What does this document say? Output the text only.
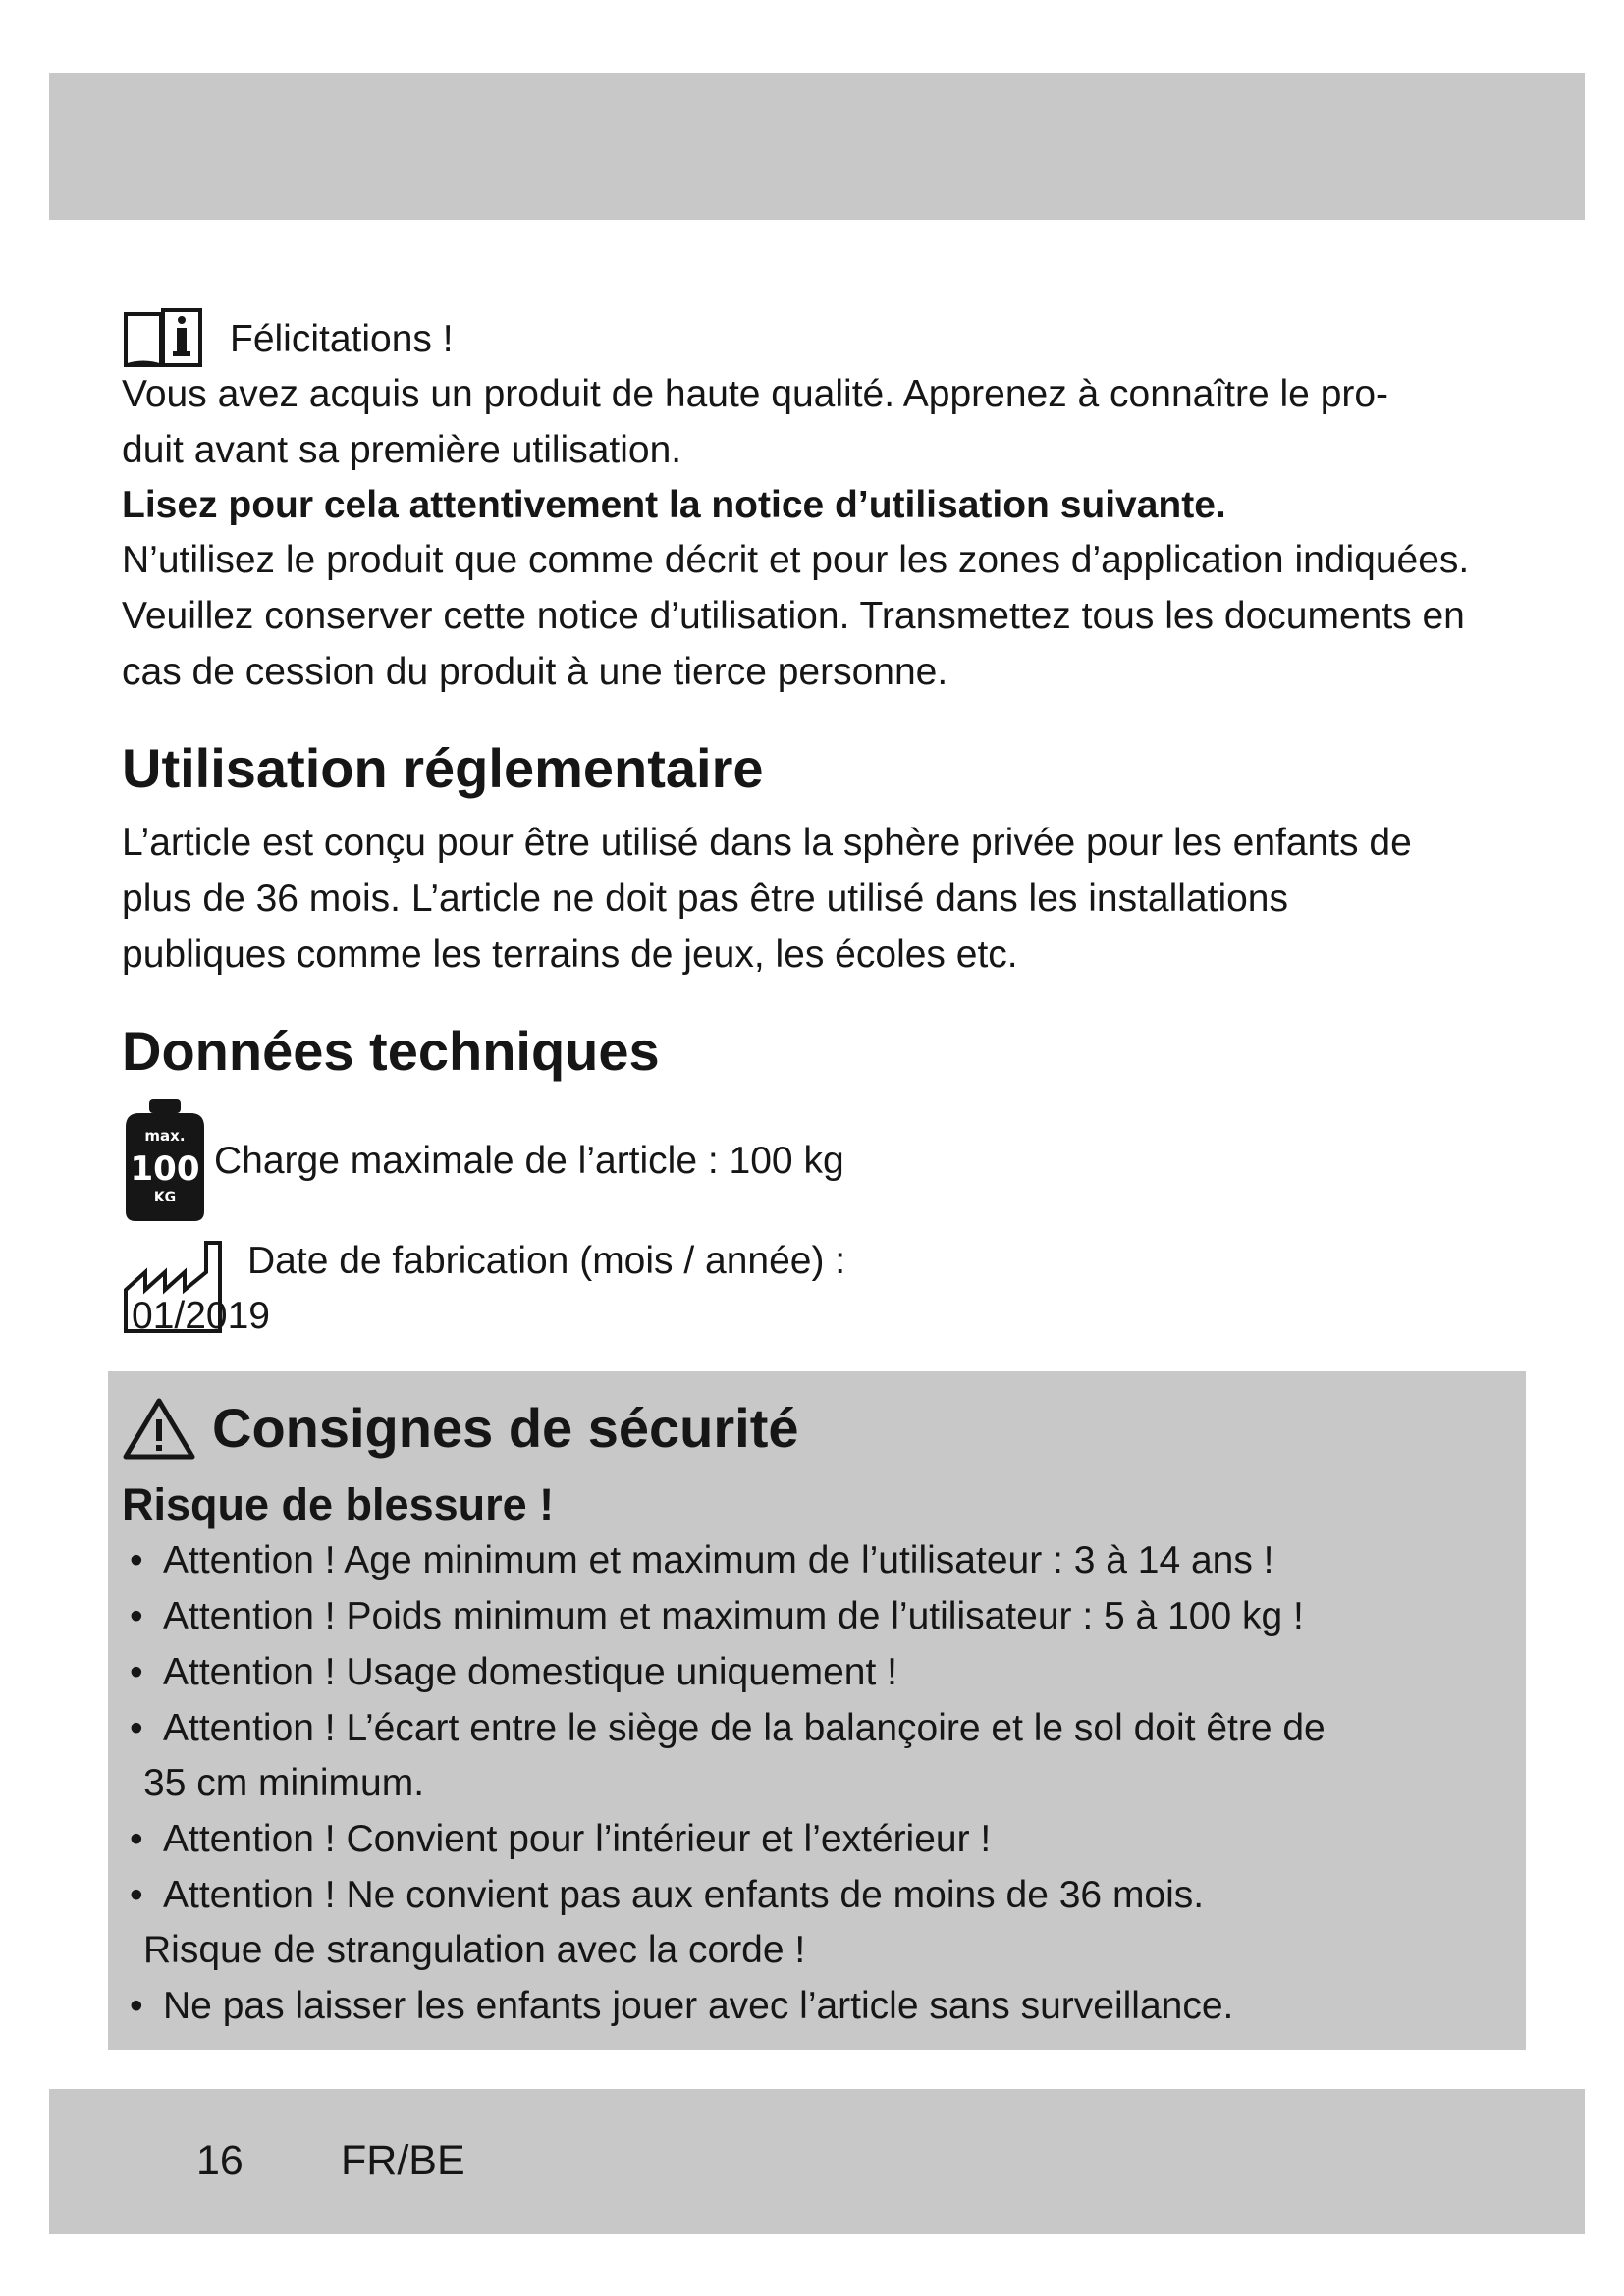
Félicitations !

Vous avez acquis un produit de haute qualité. Apprenez à connaître le pro-
duit avant sa première utilisation.

Lisez pour cela attentivement la notice d’utilisation suivante.

N’utilisez le produit que comme décrit et pour les zones d’application indiquées. Veuillez conserver cette notice d’utilisation. Transmettez tous les documents en cas de cession du produit à une tierce personne.

Utilisation réglementaire

L’article est conçu pour être utilisé dans la sphère privée pour les enfants de plus de 36 mois. L’article ne doit pas être utilisé dans les installations publiques comme les terrains de jeux, les écoles etc.

Données techniques
max.
100
KG
Charge maximale de l’article : 100 kg
Date de fabrication (mois / année) :
01/2019
Consignes de sécurité
Risque de blessure !
• Attention ! Age minimum et maximum de l’utilisateur : 3 à 14 ans !
• Attention ! Poids minimum et maximum de l’utilisateur : 5 à 100 kg !
• Attention ! Usage domestique uniquement !
• Attention ! L’écart entre le siège de la balançoire et le sol doit être de
35 cm minimum.
• Attention ! Convient pour l’intérieur et l’extérieur !
• Attention ! Ne convient pas aux enfants de moins de 36 mois.
Risque de strangulation avec la corde !
• Ne pas laisser les enfants jouer avec l’article sans surveillance.
16 FR/BE
